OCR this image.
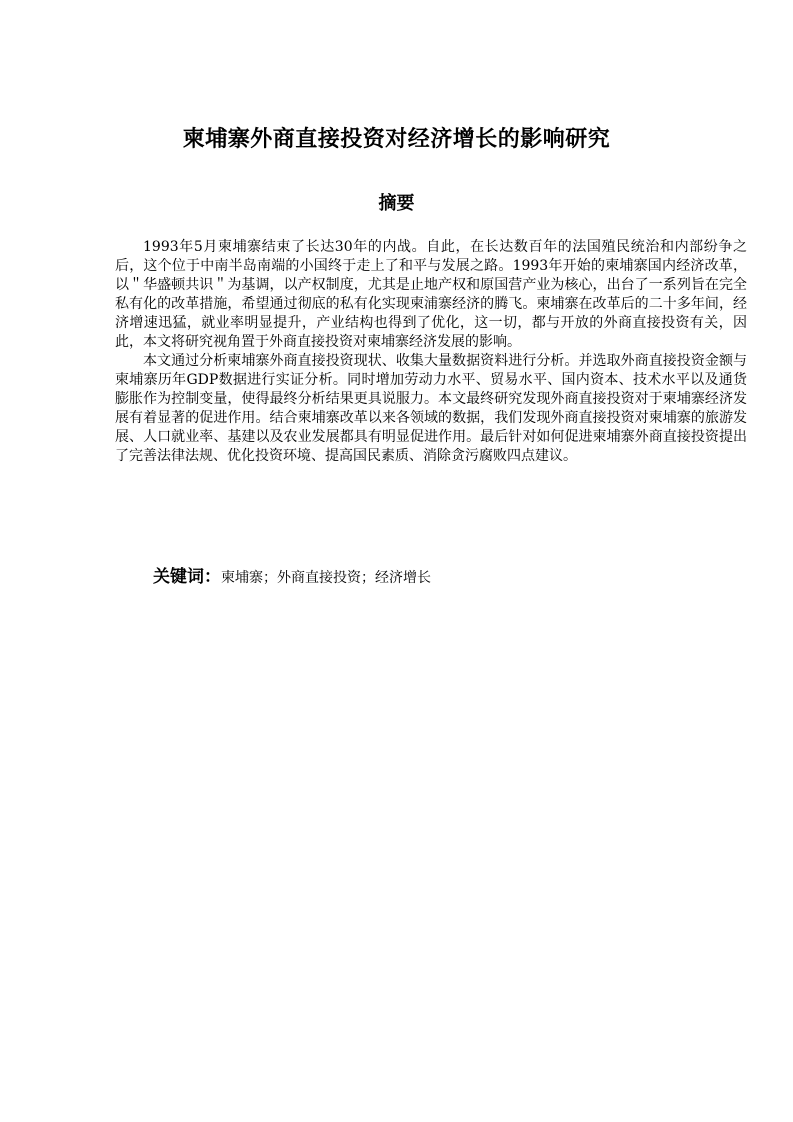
柬埔寨外商直接投资对经济增长的影响研究
摘要

1993年5月柬埔寨结束了长达30年的内战。自此，在长达数百年的法国殖民统治和内部纷争之后，这个位于中南半岛南端的小国终于走上了和平与发展之路。1993年开始的柬埔寨国内经济改革，以＂华盛顿共识＂为基调，以产权制度，尤其是止地产权和原国营产业为核心，出台了一系列旨在完全私有化的改革措施，希望通过彻底的私有化实现柬浦寨经济的腾飞。柬埔寨在改革后的二十多年间，经济增速迅猛，就业率明显提升，产业结构也得到了优化，这一切，都与开放的外商直接投资有关，因此，本文将研究视角置于外商直接投资对柬埔寨经济发展的影响。

本文通过分析柬埔寨外商直接投资现状、收集大量数据资料进行分析。并选取外商直接投资金额与柬埔寨历年GDP数据进行实证分析。同时增加劳动力水平、贸易水平、国内资本、技术水平以及通货膨胀作为控制变量，使得最终分析结果更具说服力。本文最终研究发现外商直接投资对于柬埔寨经济发展有着显著的促进作用。结合柬埔寨改革以来各领域的数据，我们发现外商直接投资对柬埔寨的旅游发展、人口就业率、基建以及农业发展都具有明显促进作用。最后针对如何促进柬埔寨外商直接投资提出了完善法律法规、优化投资环境、提高国民素质、消除贪污腐败四点建议。

关键词：柬埔寨；外商直接投资；经济增长
